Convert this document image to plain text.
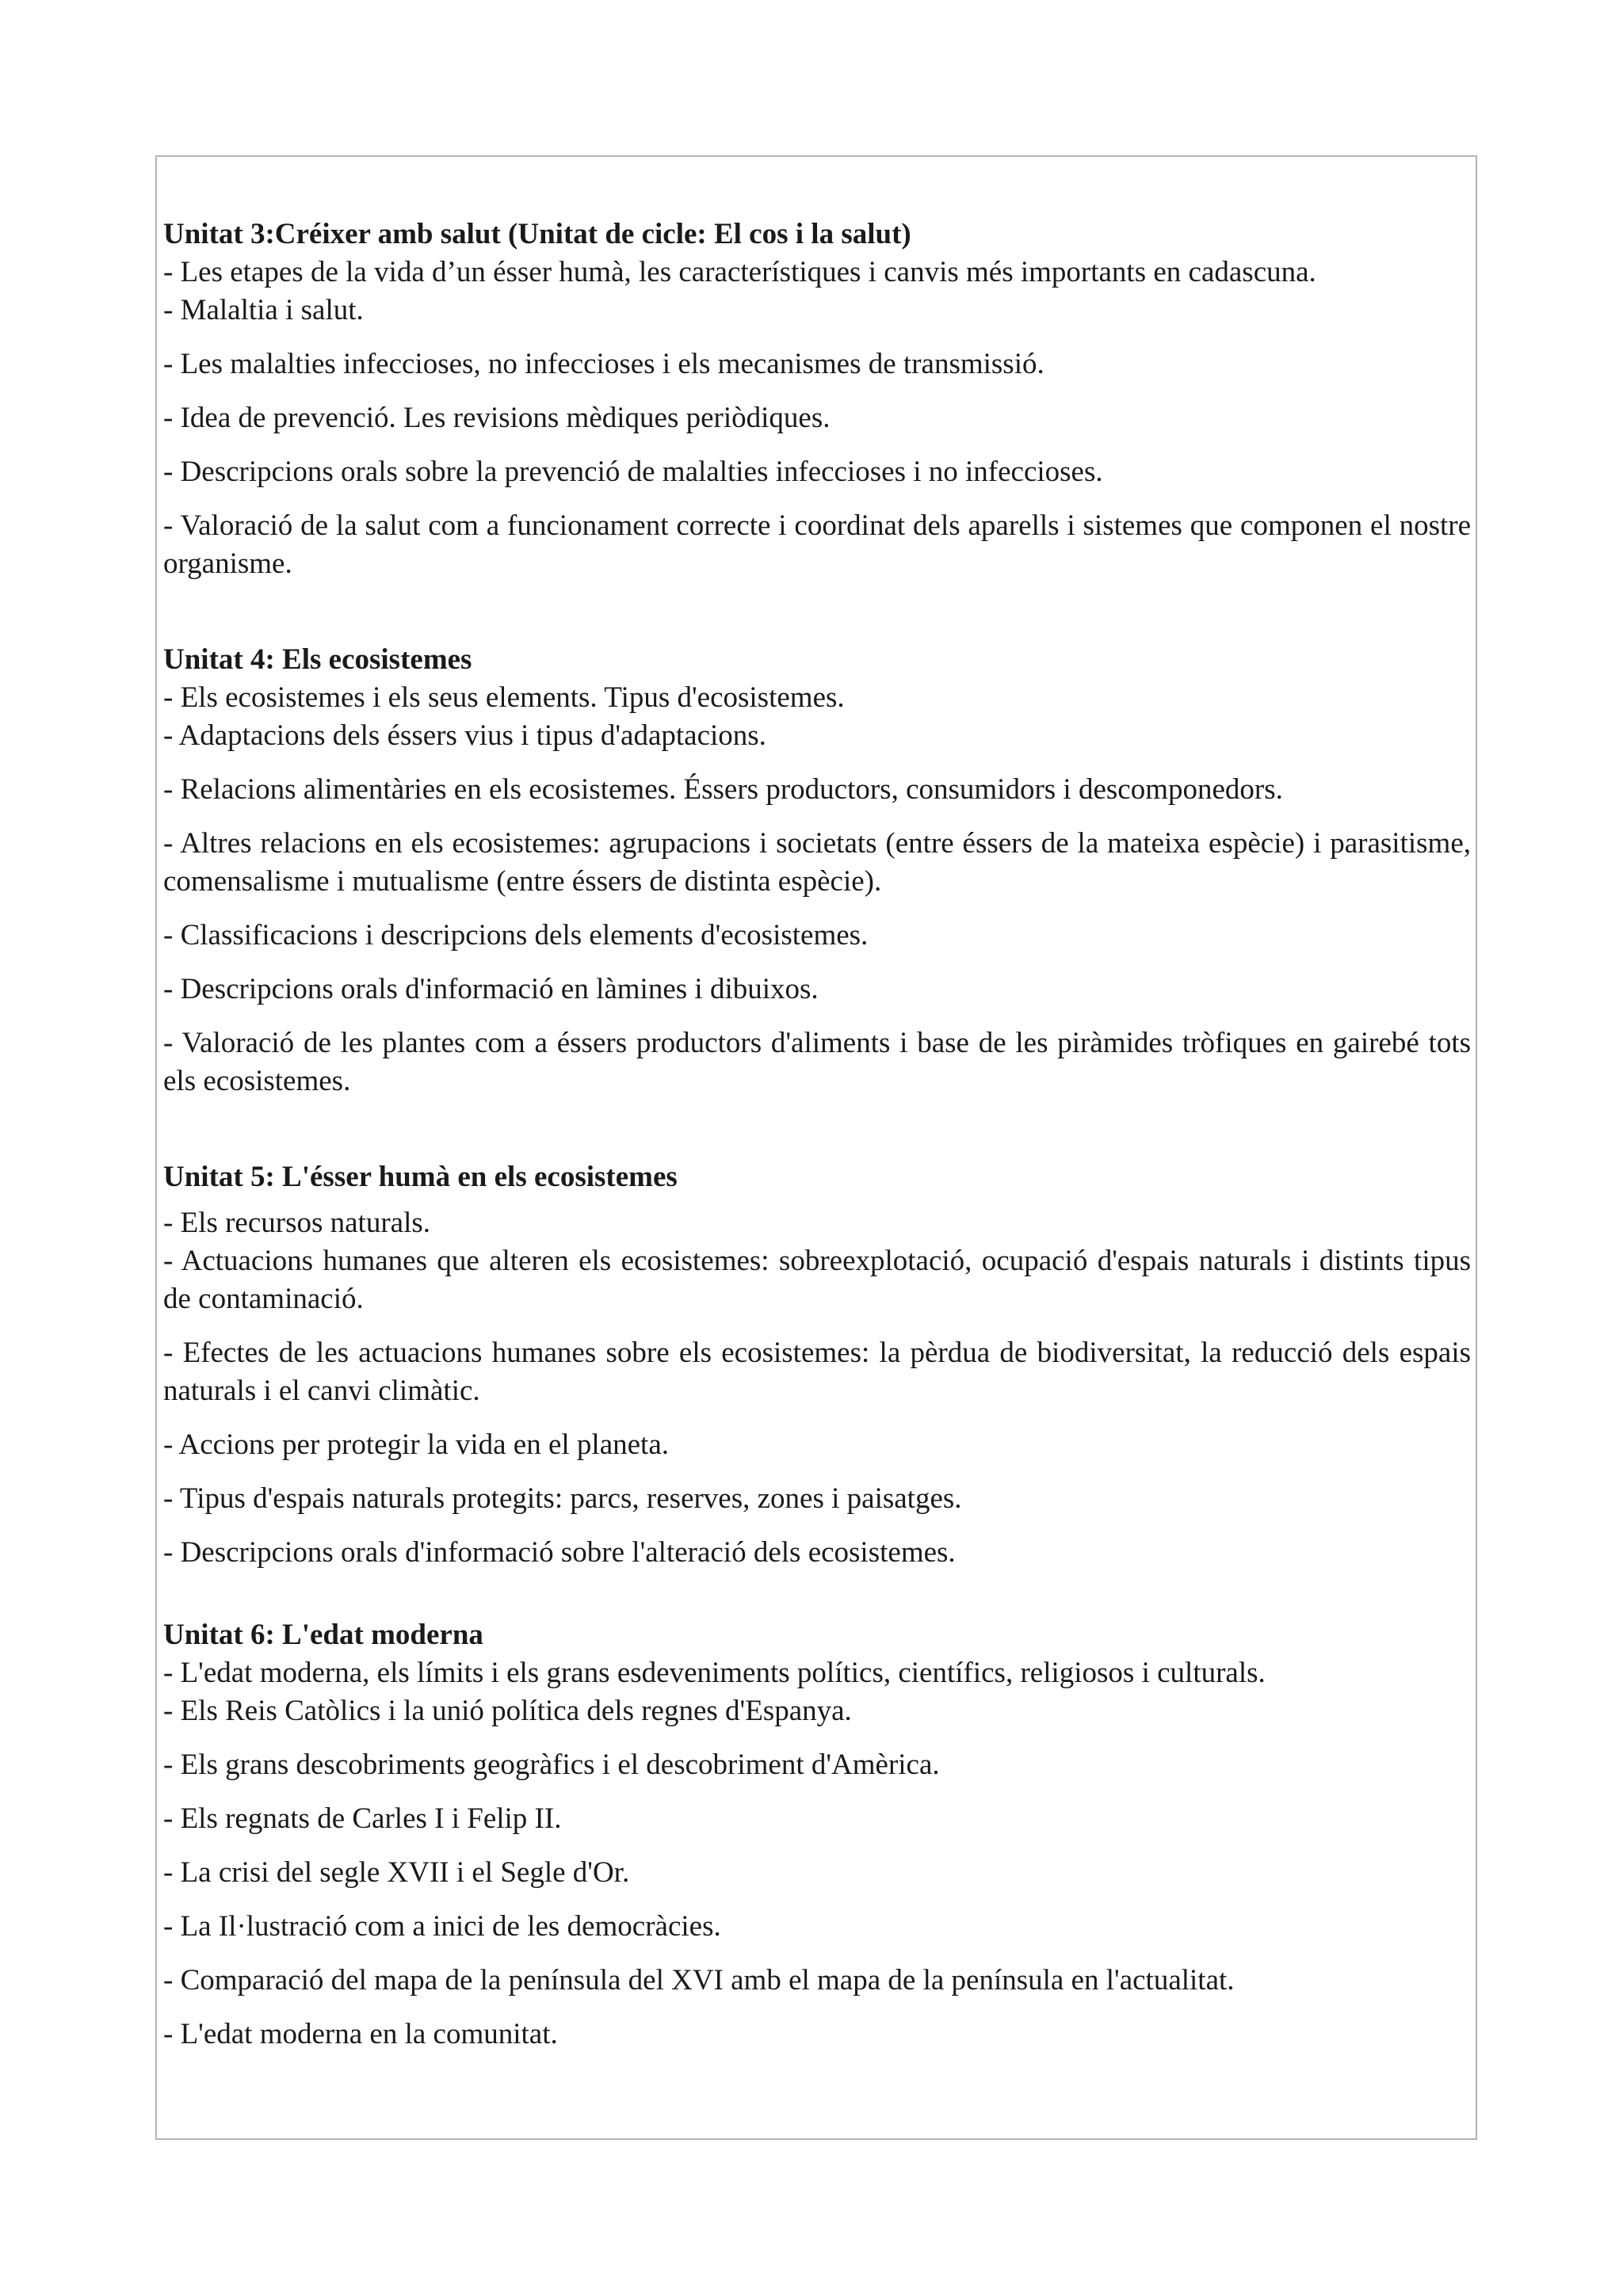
Unitat 3:Créixer amb salut (Unitat de cicle: El cos i la salut)

- Les etapes de la vida d’un ésser humà, les característiques i canvis més importants en cadascuna.

- Malaltia i salut.

- Les malalties infeccioses, no infeccioses i els mecanismes de transmissió.

- Idea de prevenció. Les revisions mèdiques periòdiques.

- Descripcions orals sobre la prevenció de malalties infeccioses i no infeccioses.

- Valoració de la salut com a funcionament correcte i coordinat dels aparells i sistemes que componen el nostre organisme.

Unitat 4: Els ecosistemes

- Els ecosistemes i els seus elements. Tipus d'ecosistemes.

- Adaptacions dels éssers vius i tipus d'adaptacions.

- Relacions alimentàries en els ecosistemes. Éssers productors, consumidors i descomponedors.

- Altres relacions en els ecosistemes: agrupacions i societats (entre éssers de la mateixa espècie) i parasitisme, comensalisme i mutualisme (entre éssers de distinta espècie).

- Classificacions i descripcions dels elements d'ecosistemes.

- Descripcions orals d'informació en làmines i dibuixos.

- Valoració de les plantes com a éssers productors d'aliments i base de les piràmides tròfiques en gairebé tots els ecosistemes.

Unitat 5: L'ésser humà en els ecosistemes

- Els recursos naturals.

- Actuacions humanes que alteren els ecosistemes: sobreexplotació, ocupació d'espais naturals i distints tipus de contaminació.

- Efectes de les actuacions humanes sobre els ecosistemes: la pèrdua de biodiversitat, la reducció dels espais naturals i el canvi climàtic.

- Accions per protegir la vida en el planeta.

- Tipus d'espais naturals protegits: parcs, reserves, zones i paisatges.

- Descripcions orals d'informació sobre l'alteració dels ecosistemes.

Unitat 6: L'edat moderna

- L'edat moderna, els límits i els grans esdeveniments polítics, científics, religiosos i culturals.

- Els Reis Catòlics i la unió política dels regnes d'Espanya.

- Els grans descobriments geogràfics i el descobriment d'Amèrica.

- Els regnats de Carles I i Felip II.

- La crisi del segle XVII i el Segle d'Or.

- La Il·lustració com a inici de les democràcies.

- Comparació del mapa de la península del XVI amb el mapa de la península en l'actualitat.

- L'edat moderna en la comunitat.
